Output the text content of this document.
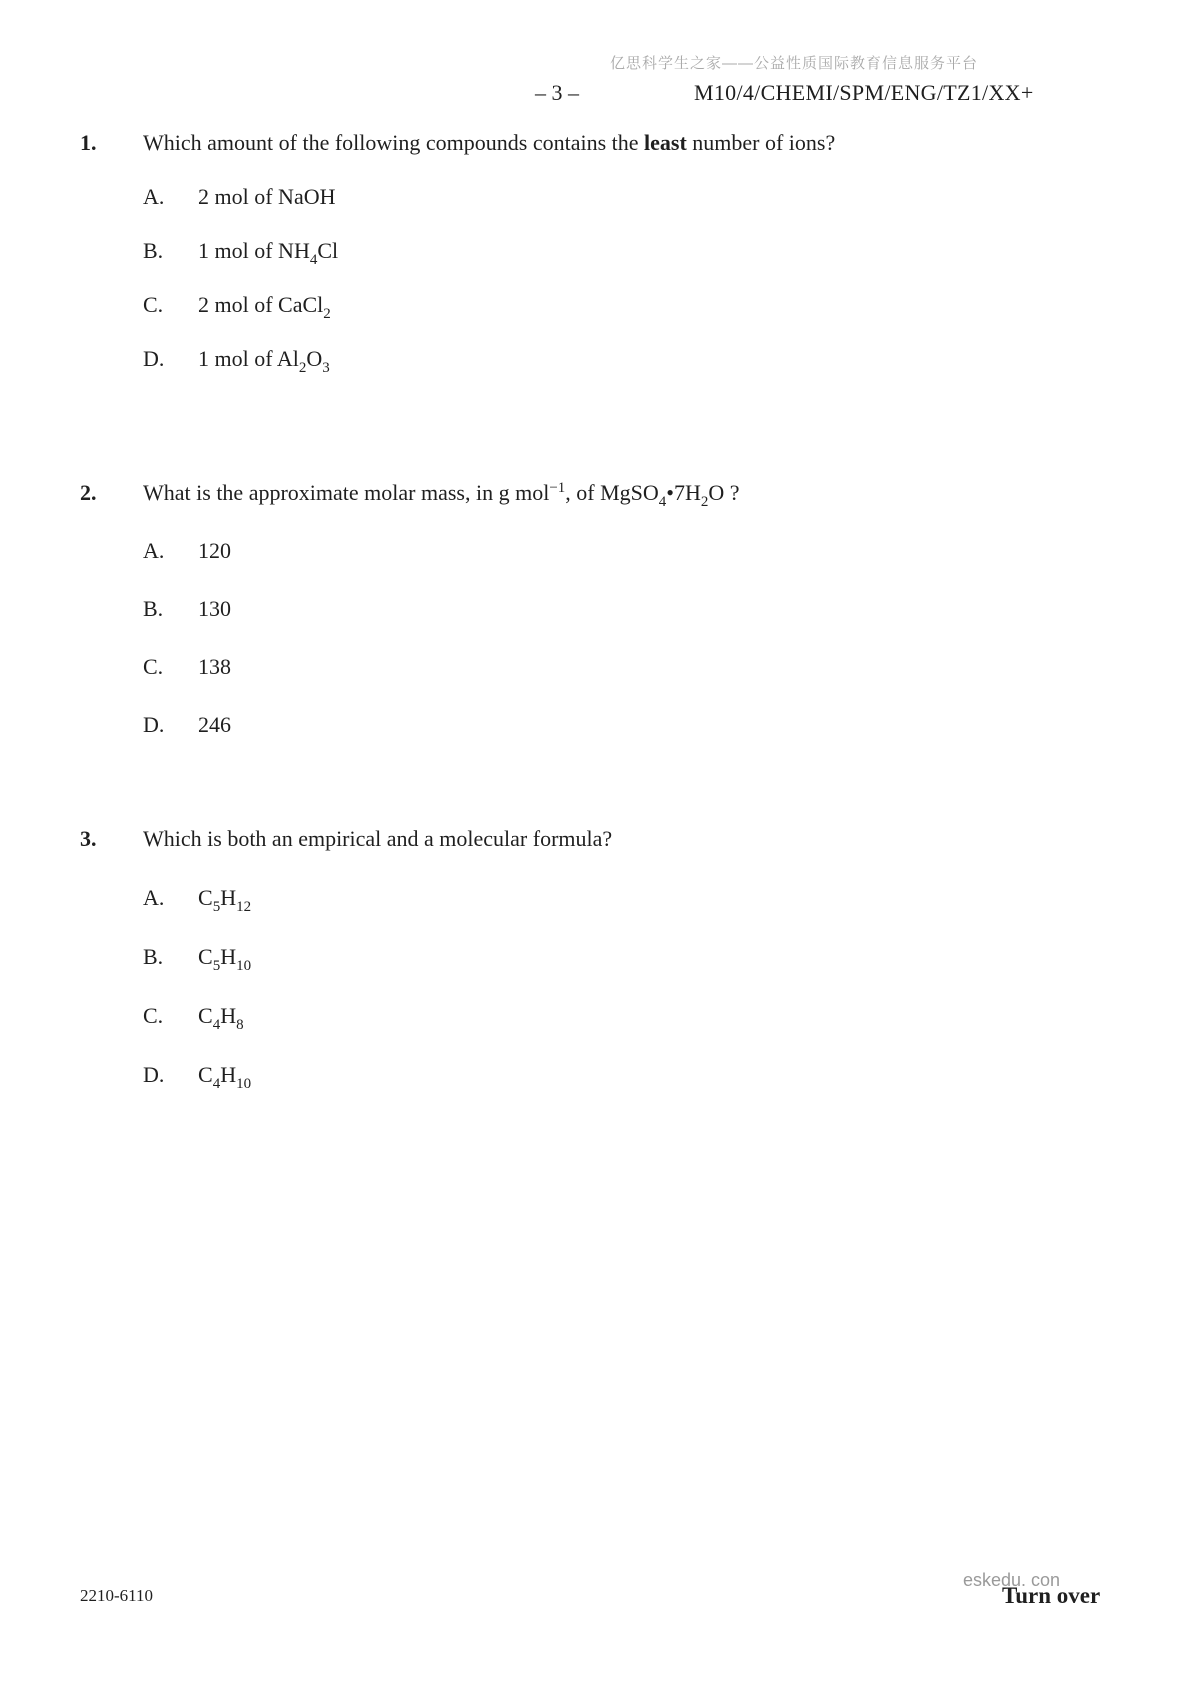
亿思科学生之家——公益性质国际教育信息服务平台
– 3 –	M10/4/CHEMI/SPM/ENG/TZ1/XX+
1. Which amount of the following compounds contains the least number of ions?
A.	2 mol of NaOH
B.	1 mol of $NH_4Cl$
C.	2 mol of CaCl$_2$
D.	1 mol of $Al_2O_3$
2. What is the approximate molar mass, in g mol$^{-1}$, of $MgSO_4•7H_2O$ ?
A.	120
B.	130
C.	138
D.	246
3. Which is both an empirical and a molecular formula?
A.	$C_5H_{12}$
B.	$C_5H_{10}$
C.	$C_4H_8$
D.	$C_4H_{10}$
2210-6110
eskedu. con
Turn over
